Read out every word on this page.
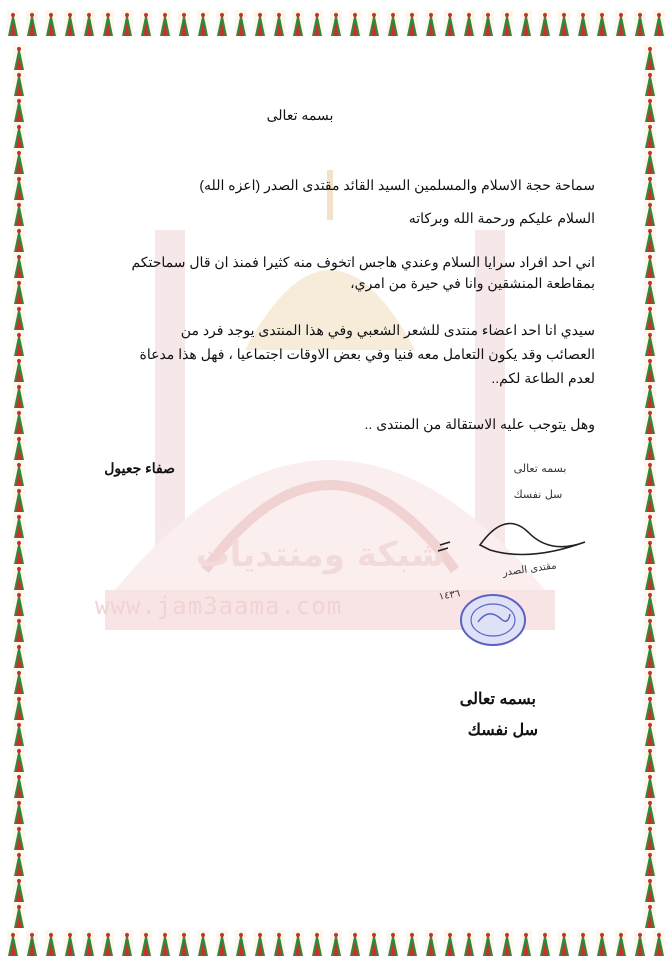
شبكة ومنتديات
www.jam3aama.com
بسمه تعالى
سماحة حجة الاسلام والمسلمين السيد القائد مقتدى الصدر (اعزه الله)
السلام عليكم ورحمة الله وبركاته
اني احد افراد سرايا السلام وعندي هاجس اتخوف منه كثيرا فمنذ ان قال سماحتكم
بمقاطعة المنشقين وانا في حيرة من امري،
سيدي انا احد اعضاء منتدى للشعر الشعبي وفي هذا المنتدى يوجد فرد من
العصائب وقد يكون التعامل معه فنيا وفي بعض الاوقات اجتماعيا ، فهل هذا مدعاة
لعدم الطاعة لكم..
وهل يتوجب عليه الاستقالة من المنتدى ..
صفاء جعيول	بسمه تعالى
سل نفسك
مقتدى الصدر
١٤٣٦
بسمه تعالى
سل نفسك
